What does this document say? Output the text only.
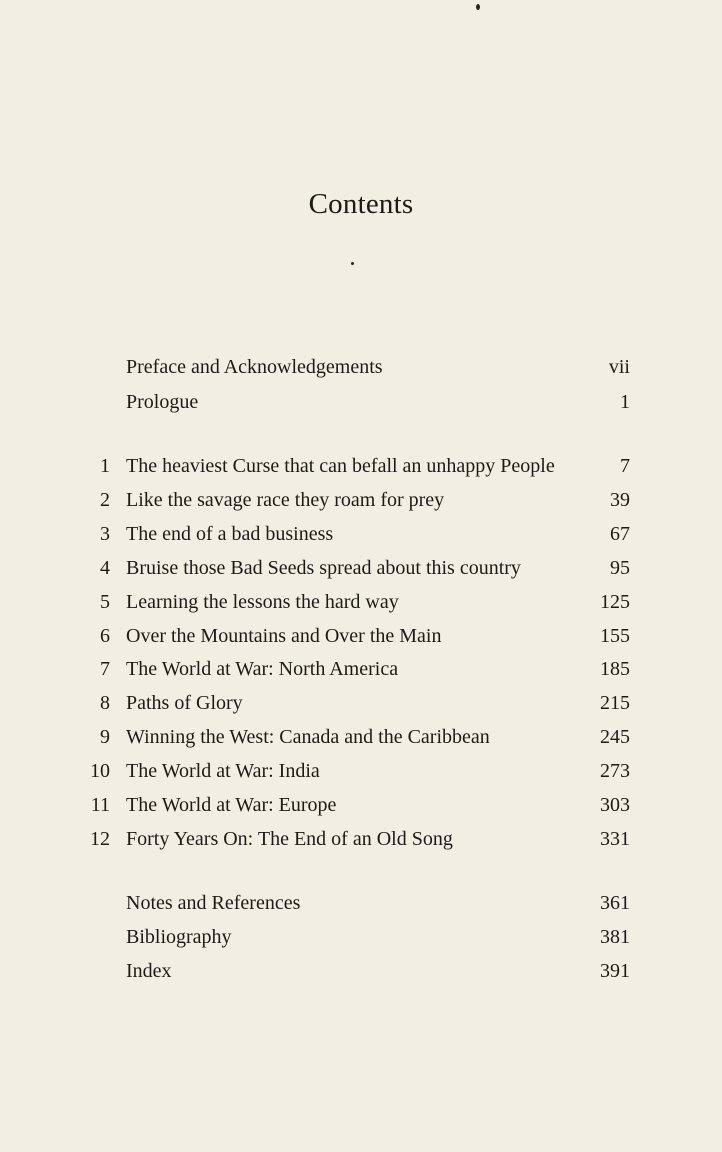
Contents
Preface and Acknowledgements	vii
Prologue	1
1 The heaviest Curse that can befall an unhappy People	7
2 Like the savage race they roam for prey	39
3 The end of a bad business	67
4 Bruise those Bad Seeds spread about this country	95
5 Learning the lessons the hard way	125
6 Over the Mountains and Over the Main	155
7 The World at War: North America	185
8 Paths of Glory	215
9 Winning the West: Canada and the Caribbean	245
10 The World at War: India	273
11 The World at War: Europe	303
12 Forty Years On: The End of an Old Song	331
Notes and References	361
Bibliography	381
Index	391
